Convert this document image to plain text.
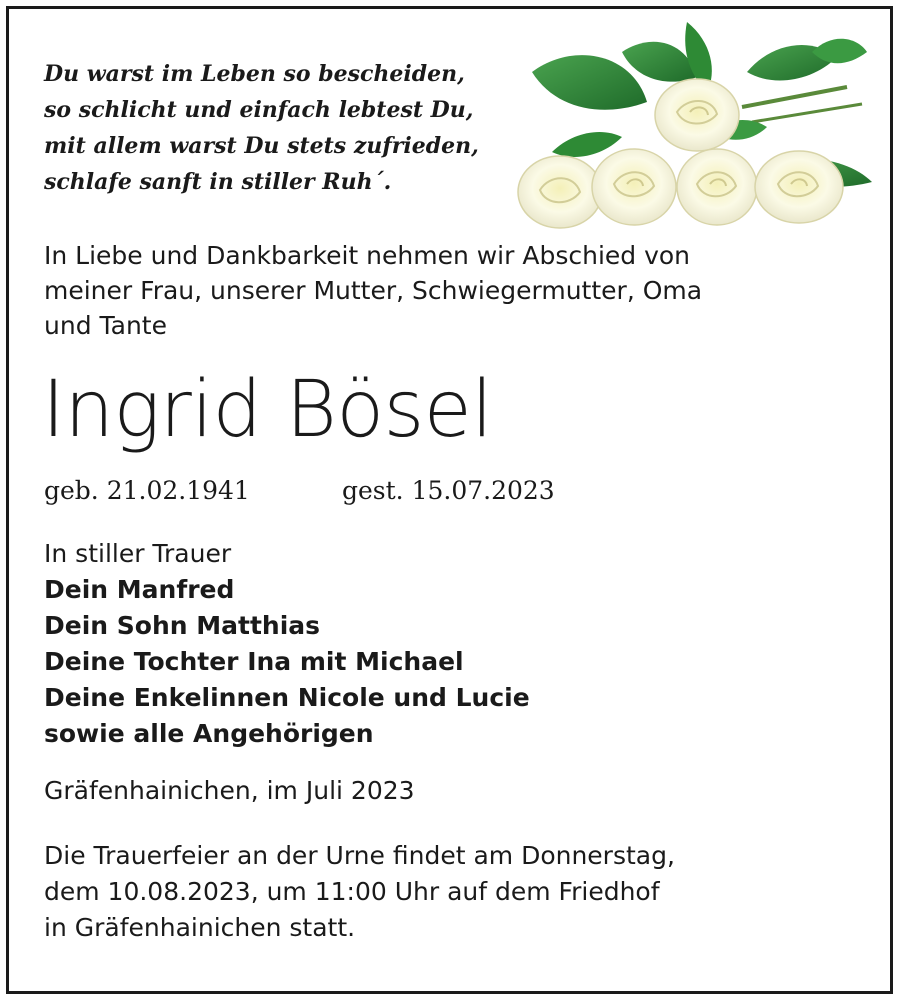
Du warst im Leben so bescheiden,
so schlicht und einfach lebtest Du,
mit allem warst Du stets zufrieden,
schlafe sanft in stiller Ruh´.
In Liebe und Dankbarkeit nehmen wir Abschied von
meiner Frau, unserer Mutter, Schwiegermutter, Oma
und Tante
Ingrid Bösel
geb. 21.02.1941	gest. 15.07.2023
In stiller Trauer
Dein Manfred
Dein Sohn Matthias
Deine Tochter Ina mit Michael
Deine Enkelinnen Nicole und Lucie
sowie alle Angehörigen
Gräfenhainichen, im Juli 2023
Die Trauerfeier an der Urne findet am Donnerstag,
dem 10.08.2023, um 11:00 Uhr auf dem Friedhof
in Gräfenhainichen statt.
